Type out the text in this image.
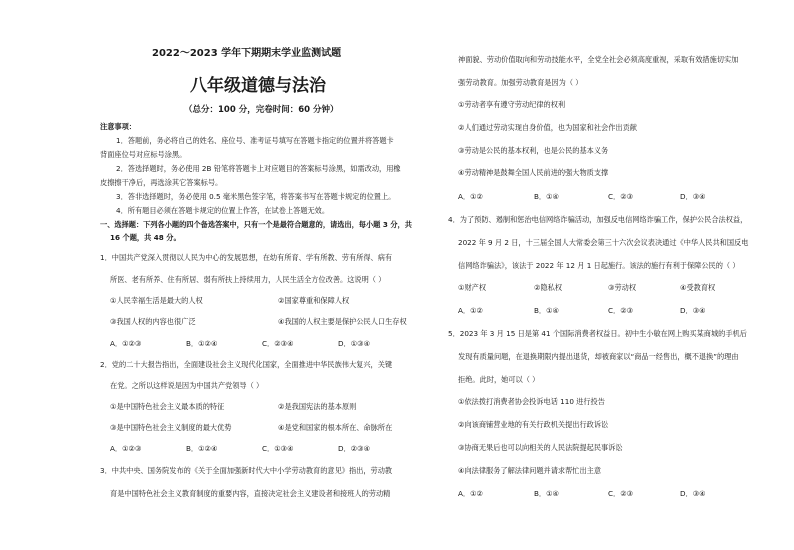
2022～2023 学年下期期末学业监测试题
八年级道德与法治
（总分：100 分，完卷时间：60 分钟）
注意事项：
1．答题前，务必将自己的姓名、座位号、准考证号填写在答题卡指定的位置并将答题卡
背面座位号对应标号涂黑。
2．答选择题时，务必使用 2B 铅笔将答题卡上对应题目的答案标号涂黑，如需改动，用橡
皮擦擦干净后，再选涂其它答案标号。
3．答非选择题时，务必使用 0.5 毫米黑色签字笔，将答案书写在答题卡规定的位置上。
4．所有题目必须在答题卡规定的位置上作答，在试卷上答题无效。
一、选择题：下列各小题的四个备选答案中，只有一个是最符合题意的，请选出，每小题 3 分，共
16 个题，共 48 分。
1．中国共产党深入贯彻以人民为中心的发展思想，在幼有所育、学有所教、劳有所得、病有
所医、老有所养、住有所居、弱有所扶上持续用力，人民生活全方位改善。这说明（ ）
①人民幸福生活是最大的人权	②国家尊重和保障人权
③我国人权的内容也很广泛	④我国的人权主要是保护公民人口生存权
A．①②③	B．①②④	C．②③④	D．①③④
2．党的二十大报告指出，全面建设社会主义现代化国家，全面推进中华民族伟大复兴，关键
在党。之所以这样说是因为中国共产党领导（ ）
①是中国特色社会主义最本质的特征	②是我国宪法的基本原则
③是中国特色社会主义制度的最大优势	④是党和国家的根本所在、命脉所在
A．①②③	B．①②④	C．①③④	D．②③④
3．中共中央、国务院发布的《关于全面加强新时代大中小学劳动教育的意见》指出，劳动教
育是中国特色社会主义教育制度的重要内容，直接决定社会主义建设者和接班人的劳动精
神面貌、劳动价值取向和劳动技能水平，全党全社会必须高度重视，采取有效措施切实加
强劳动教育。加强劳动教育是因为（ ）
①劳动者享有遵守劳动纪律的权利
②人们通过劳动实现自身价值，也为国家和社会作出贡献
③劳动是公民的基本权利，也是公民的基本义务
④劳动精神是鼓舞全国人民前进的强大物质支撑
A．①②	B．①④	C．②③	D．③④
4．为了预防、遏制和惩治电信网络诈骗活动，加强反电信网络诈骗工作，保护公民合法权益，
2022 年 9 月 2 日，十三届全国人大常委会第三十六次会议表决通过《中华人民共和国反电
信网络诈骗法》，该法于 2022 年 12 月 1 日起施行。该法的施行有利于保障公民的（ ）
①财产权	②隐私权	③劳动权	④受教育权
A．①②	B．①④	C．②③	D．③④
5．2023 年 3 月 15 日是第 41 个国际消费者权益日。初中生小敏在网上购买某商城的手机后
发现有质量问题，在退换期限内提出退货，却被商家以“商品一经售出，概不退换”的理由
拒绝。此时，她可以（ ）
①依法拨打消费者协会投诉电话 110 进行投告
②向该商铺营业地的有关行政机关提出行政诉讼
③协商无果后也可以向相关的人民法院提起民事诉讼
④向法律服务了解法律问题并请求帮忙出主意
A．①②	B．①④	C．②③	D．③④
